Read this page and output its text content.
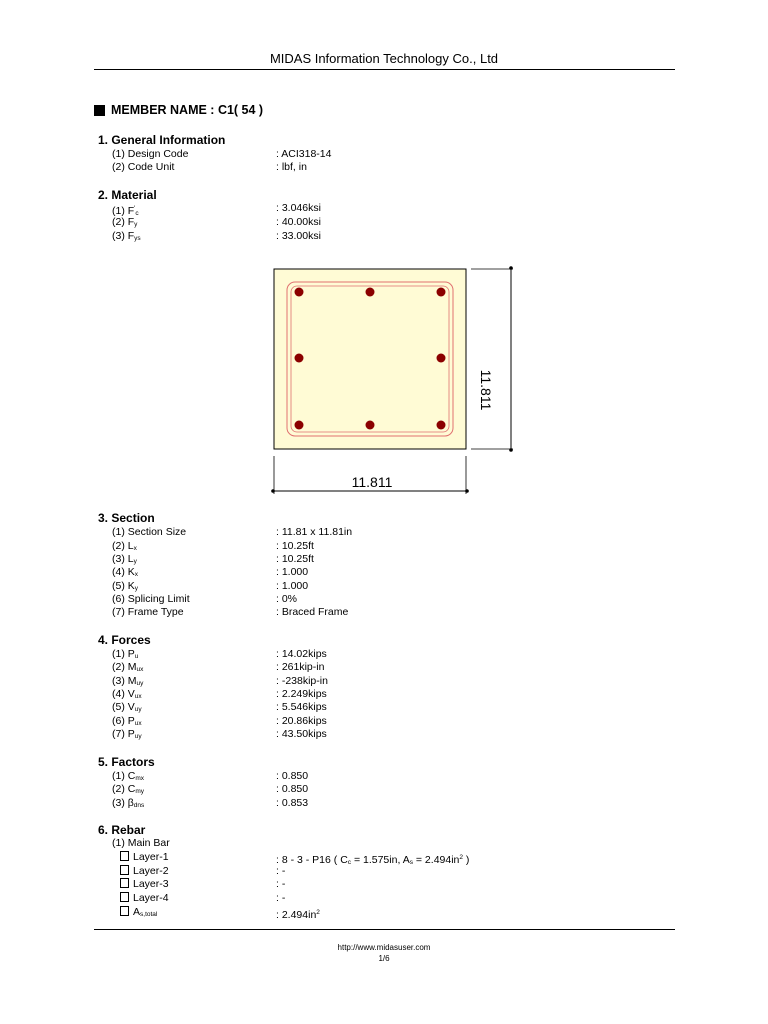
MIDAS Information Technology Co., Ltd
MEMBER NAME : C1( 54 )
1. General Information
(1) Design Code	: ACI318-14
(2) Code Unit	: lbf, in
2. Material
(1) F'c	: 3.046ksi
(2) Fy	: 40.00ksi
(3) Fys	: 33.00ksi
11.811
11.811
3. Section
(1) Section Size	: 11.81 x 11.81in
(2) Lx	: 10.25ft
(3) Ly	: 10.25ft
(4) Kx	: 1.000
(5) Ky	: 1.000
(6) Splicing Limit	: 0%
(7) Frame Type	: Braced Frame
4. Forces
(1) Pu	: 14.02kips
(2) Mux	: 261kip-in
(3) Muy	: -238kip-in
(4) Vux	: 2.249kips
(5) Vuy	: 5.546kips
(6) Pux	: 20.86kips
(7) Puy	: 43.50kips
5. Factors
(1) Cmx	: 0.850
(2) Cmy	: 0.850
(3) βdns	: 0.853
6. Rebar
(1) Main Bar
Layer-1	: 8 - 3 - P16 ( Cc = 1.575in, $As = 2.494in^2$ )
Layer-2	: -
Layer-3	: -
Layer-4	: -
As,total	: $2.494in^2$
http://www.midasuser.com
1/6
